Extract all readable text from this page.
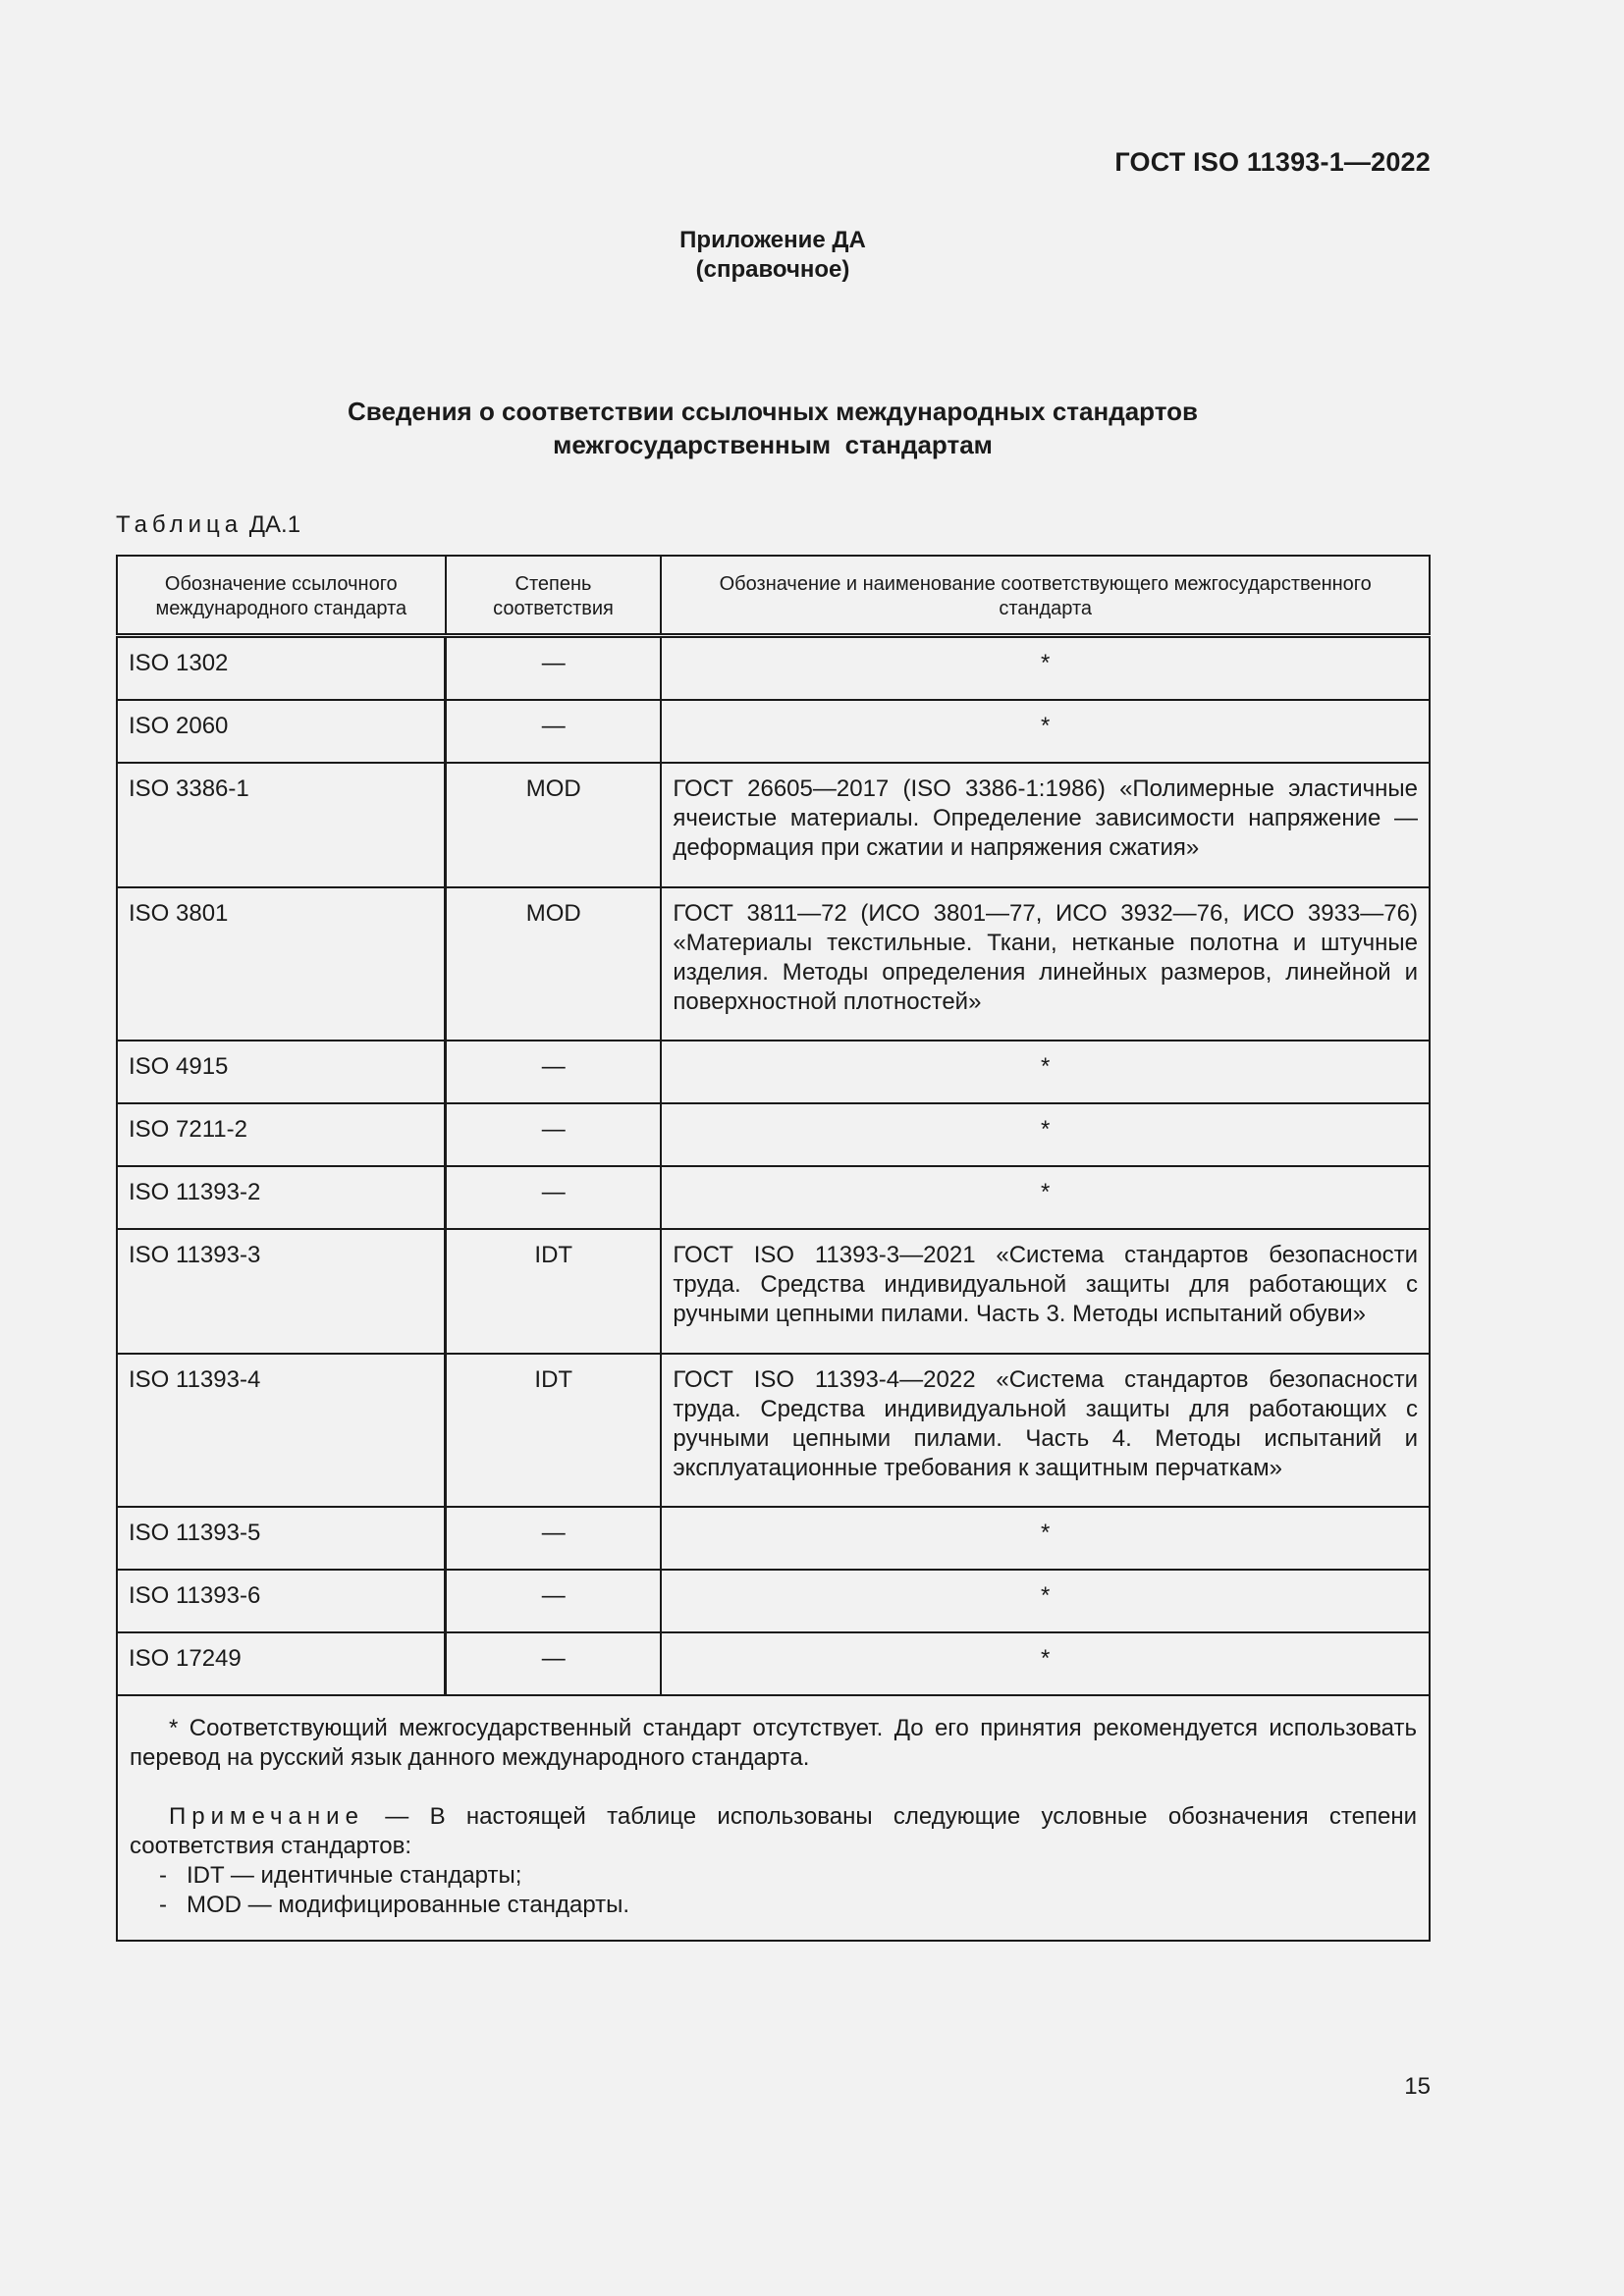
ГОСТ ISO 11393-1—2022
Приложение ДА
(справочное)
Сведения о соответствии ссылочных международных стандартов
межгосударственным  стандартам
Таблица ДА.1
Обозначение ссылочного международного стандарта	Степень соответствия	Обозначение и наименование соответствующего межгосударственного стандарта
ISO 1302	—	*
ISO 2060	—	*
ISO 3386-1	MOD	ГОСТ 26605—2017 (ISO 3386-1:1986) «Полимерные эластичные ячеистые материалы. Определение зависимости напряжение — деформация при сжатии и напряжения сжатия»
ISO 3801	MOD	ГОСТ 3811—72 (ИСО 3801—77, ИСО 3932—76, ИСО 3933—76) «Материалы текстильные. Ткани, нетканые полотна и штучные изделия. Методы определения линейных размеров, линейной и поверхностной плотностей»
ISO 4915	—	*
ISO 7211-2	—	*
ISO 11393-2	—	*
ISO 11393-3	IDT	ГОСТ ISO 11393-3—2021 «Система стандартов безопасности труда. Средства индивидуальной защиты для работающих с ручными цепными пилами. Часть 3. Методы испытаний обуви»
ISO 11393-4	IDT	ГОСТ ISO 11393-4—2022 «Система стандартов безопасности труда. Средства индивидуальной защиты для работающих с ручными цепными пилами. Часть 4. Методы испытаний и эксплуатационные требования к защитным перчаткам»
ISO 11393-5	—	*
ISO 11393-6	—	*
ISO 17249	—	*

* Соответствующий межгосударственный стандарт отсутствует. До его принятия рекомендуется использовать перевод на русский язык данного международного стандарта.

Примечание — В настоящей таблице использованы следующие условные обозначения степени соответствия стандартов:

-   IDT — идентичные стандарты;

-   MOD — модифицированные стандарты.		

15
